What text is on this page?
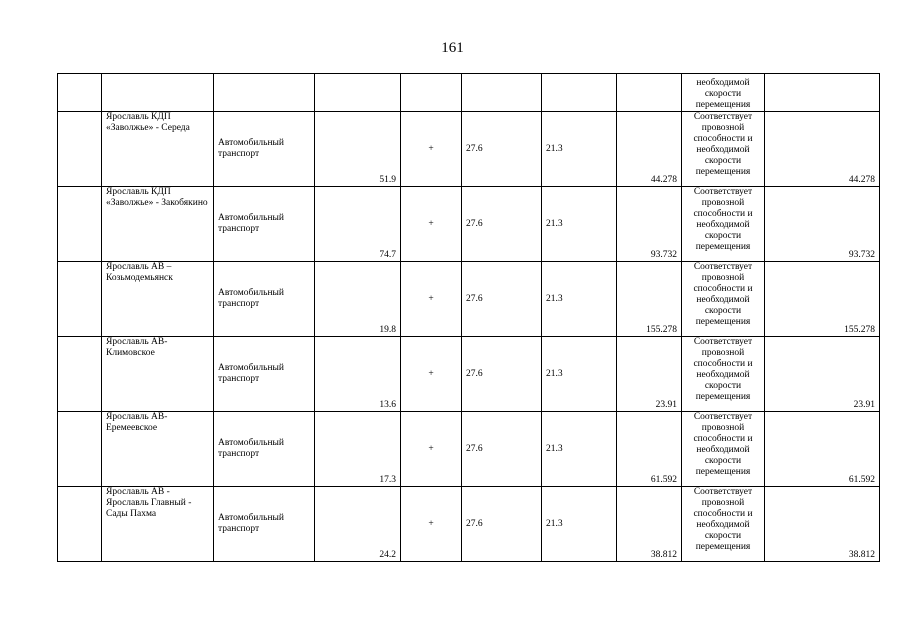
161
								необходимой скорости перемещения	
	Ярославль КДП «Заволжье» - Середа	Автомобильный транспорт	51.9	+	27.6	21.3	44.278	Соответствует провозной способности и необходимой скорости перемещения	44.278
	Ярославль КДП «Заволжье» - Закобякино	Автомобильный транспорт	74.7	+	27.6	21.3	93.732	Соответствует провозной способности и необходимой скорости перемещения	93.732
	Ярославль АВ – Козьмодемьянск	Автомобильный транспорт	19.8	+	27.6	21.3	155.278	Соответствует провозной способности и необходимой скорости перемещения	155.278
	Ярославль АВ- Климовское	Автомобильный транспорт	13.6	+	27.6	21.3	23.91	Соответствует провозной способности и необходимой скорости перемещения	23.91
	Ярославль АВ- Еремеевское	Автомобильный транспорт	17.3	+	27.6	21.3	61.592	Соответствует провозной способности и необходимой скорости перемещения	61.592
	Ярославль АВ - Ярославль Главный - Сады Пахма	Автомобильный транспорт	24.2	+	27.6	21.3	38.812	Соответствует провозной способности и необходимой скорости перемещения	38.812
